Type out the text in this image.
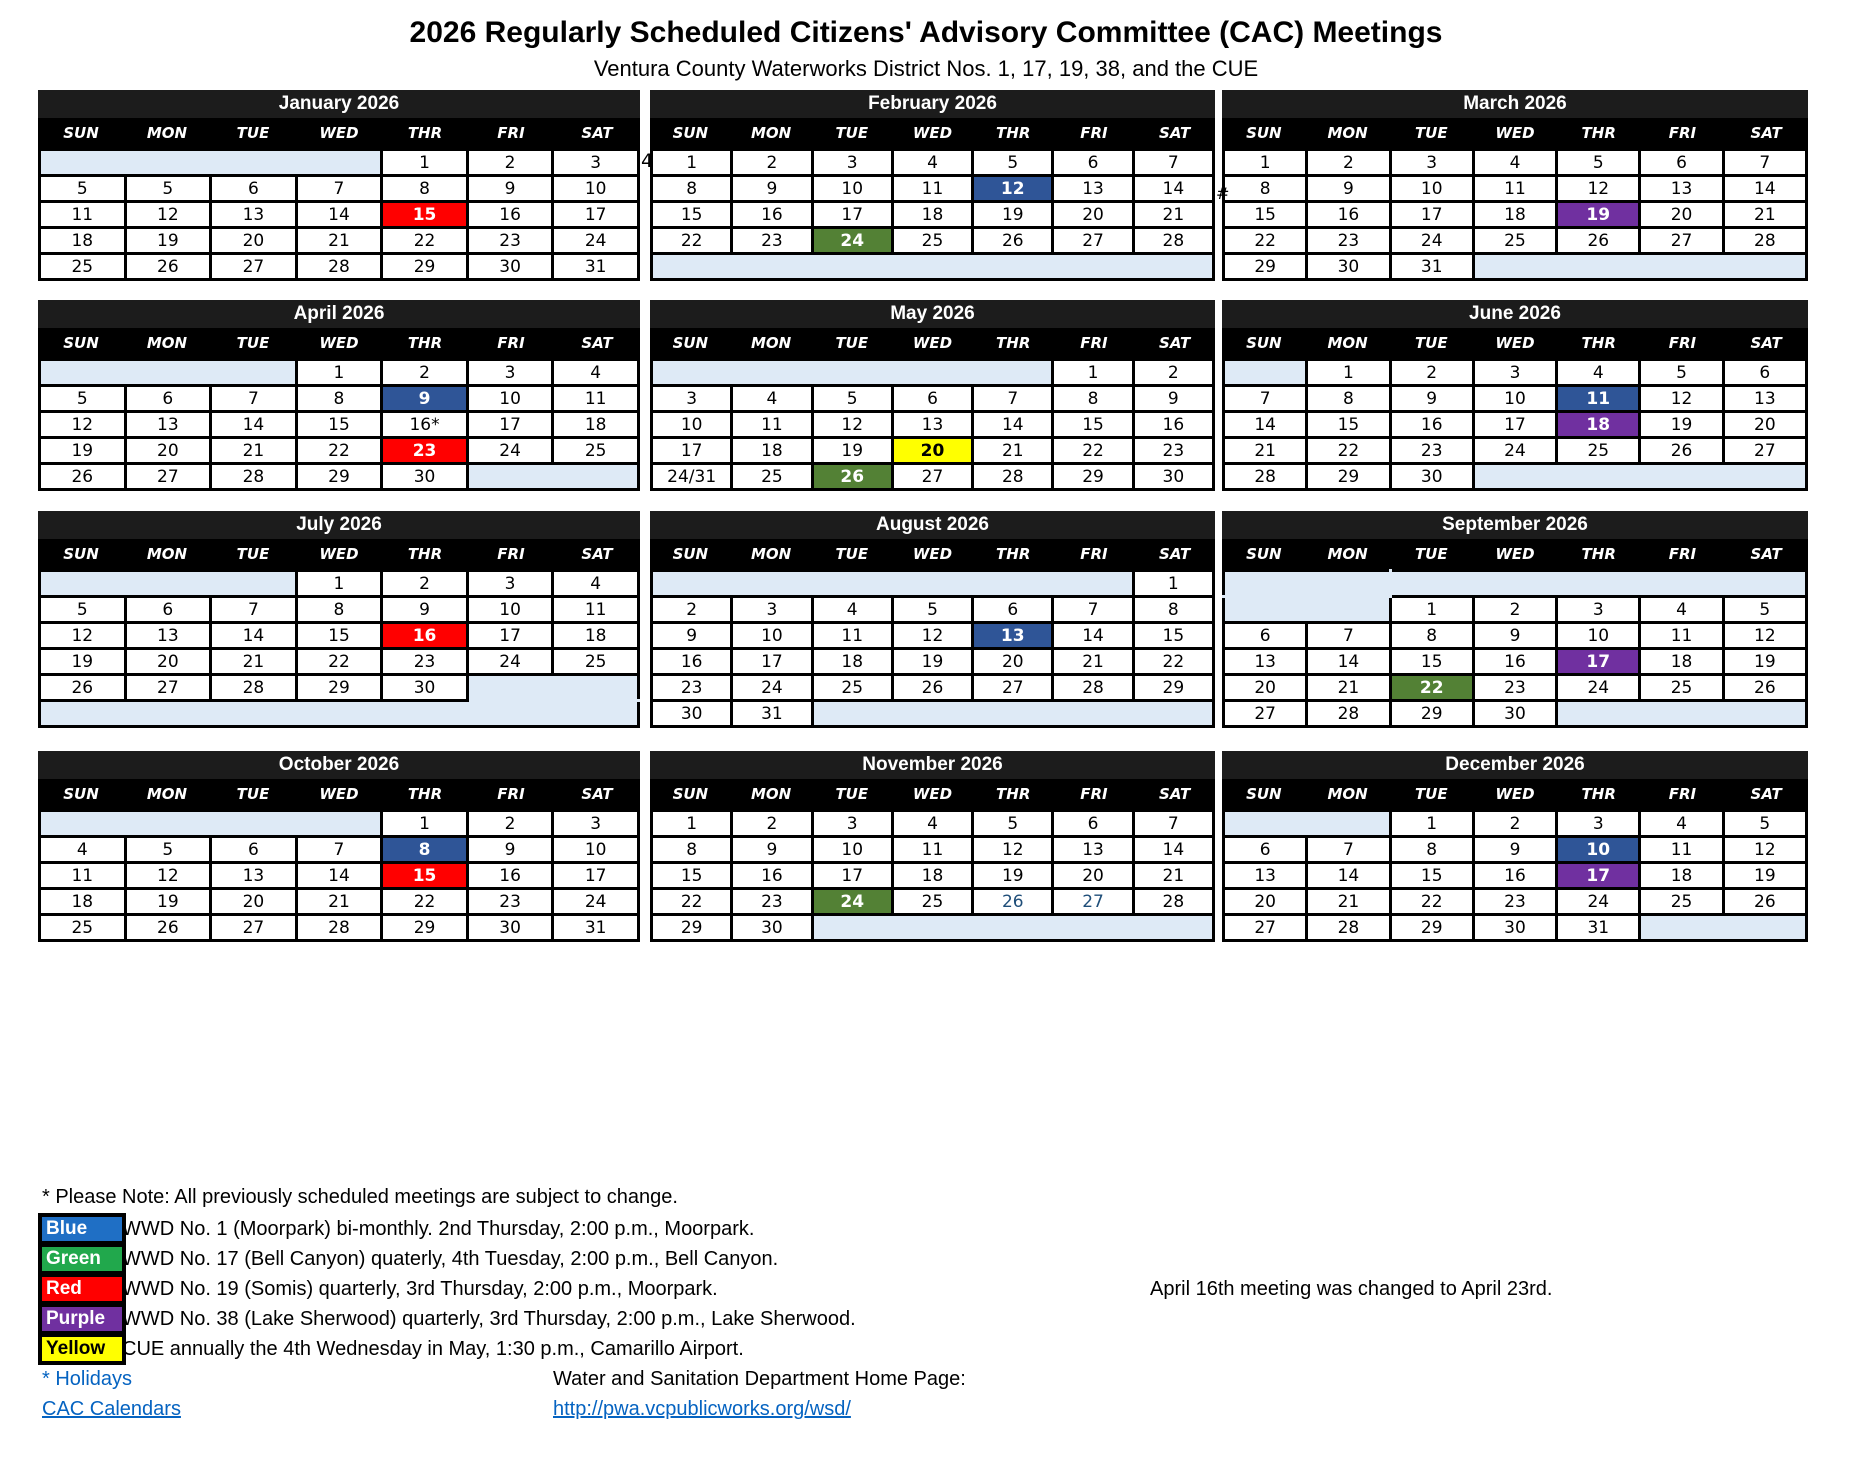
2026 Regularly Scheduled Citizens' Advisory Committee (CAC) Meetings
Ventura County Waterworks District Nos. 1, 17, 19, 38, and the CUE
January 2026
SUN	MON	TUE	WED	THR	FRI	SAT
				1	2	3
5	5	6	7	8	9	10
11	12	13	14	15	16	17
18	19	20	21	22	23	24
25	26	27	28	29	30	31
February 2026
SUN	MON	TUE	WED	THR	FRI	SAT
1	2	3	4	5	6	7
8	9	10	11	12	13	14
15	16	17	18	19	20	21
22	23	24	25	26	27	28

March 2026
SUN	MON	TUE	WED	THR	FRI	SAT
1	2	3	4	5	6	7
8	9	10	11	12	13	14
15	16	17	18	19	20	21
22	23	24	25	26	27	28
29	30	31				
April 2026
SUN	MON	TUE	WED	THR	FRI	SAT
			1	2	3	4
5	6	7	8	9	10	11
12	13	14	15	16*	17	18
19	20	21	22	23	24	25
26	27	28	29	30		
May 2026
SUN	MON	TUE	WED	THR	FRI	SAT
					1	2
3	4	5	6	7	8	9
10	11	12	13	14	15	16
17	18	19	20	21	22	23
24/31	25	26	27	28	29	30
June 2026
SUN	MON	TUE	WED	THR	FRI	SAT
	1	2	3	4	5	6
7	8	9	10	11	12	13
14	15	16	17	18	19	20
21	22	23	24	25	26	27
28	29	30				
July 2026
SUN	MON	TUE	WED	THR	FRI	SAT
			1	2	3	4
5	6	7	8	9	10	11
12	13	14	15	16	17	18
19	20	21	22	23	24	25
26	27	28	29	30		

August 2026
SUN	MON	TUE	WED	THR	FRI	SAT
						1
2	3	4	5	6	7	8
9	10	11	12	13	14	15
16	17	18	19	20	21	22
23	24	25	26	27	28	29
30	31					
September 2026
SUN	MON	TUE	WED	THR	FRI	SAT

		1	2	3	4	5
6	7	8	9	10	11	12
13	14	15	16	17	18	19
20	21	22	23	24	25	26
27	28	29	30			
October 2026
SUN	MON	TUE	WED	THR	FRI	SAT
				1	2	3
4	5	6	7	8	9	10
11	12	13	14	15	16	17
18	19	20	21	22	23	24
25	26	27	28	29	30	31
November 2026
SUN	MON	TUE	WED	THR	FRI	SAT
1	2	3	4	5	6	7
8	9	10	11	12	13	14
15	16	17	18	19	20	21
22	23	24	25	26	27	28
29	30					
December 2026
SUN	MON	TUE	WED	THR	FRI	SAT
		1	2	3	4	5
6	7	8	9	10	11	12
13	14	15	16	17	18	19
20	21	22	23	24	25	26
27	28	29	30	31		
4
#
* Please Note: All previously scheduled meetings are subject to change.
Blue	WWD No. 1 (Moorpark) bi-monthly. 2nd Thursday, 2:00 p.m., Moorpark.
Green	WWD No. 17 (Bell Canyon) quaterly, 4th Tuesday, 2:00 p.m., Bell Canyon.
Red	WWD No. 19 (Somis) quarterly, 3rd Thursday, 2:00 p.m., Moorpark.
Purple WWD No. 38 (Lake Sherwood) quarterly, 3rd Thursday, 2:00 p.m., Lake Sherwood.
Yellow CUE annually the 4th Wednesday in May, 1:30 p.m., Camarillo Airport.
April 16th meeting was changed to April 23rd.
* Holidays
CAC Calendars
Water and Sanitation Department Home Page:
http://pwa.vcpublicworks.org/wsd/
